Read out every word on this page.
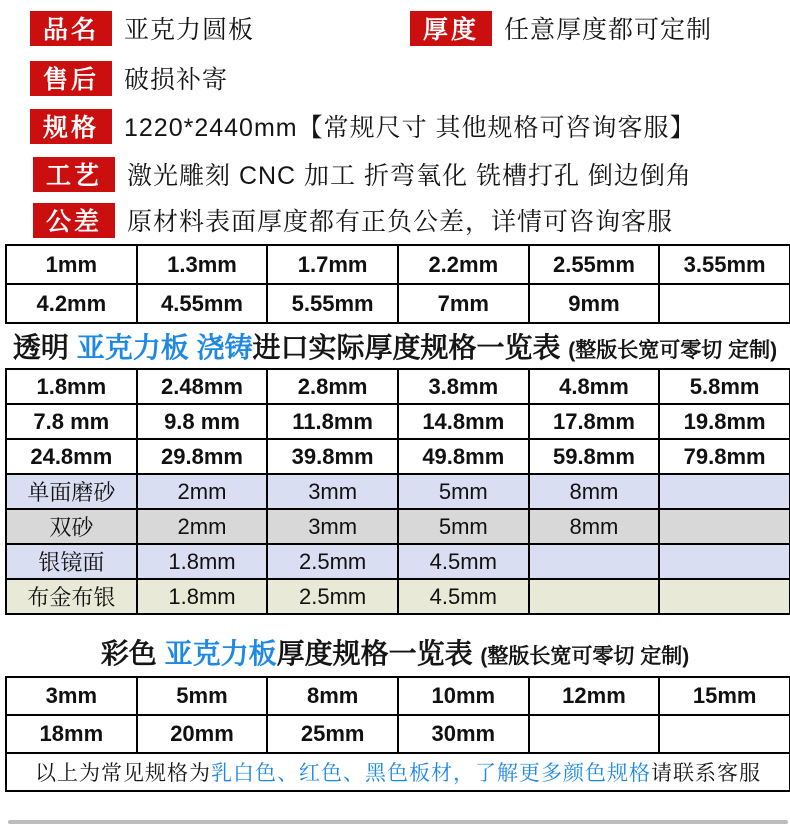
品名	亚克力圆板	厚度	任意厚度都可定制
售后	破损补寄
规格	1220*2440mm【常规尺寸 其他规格可咨询客服】
工艺	激光雕刻 CNC 加工 折弯氧化 铣槽打孔 倒边倒角
公差	原材料表面厚度都有正负公差，详情可咨询客服
1mm	1.3mm	1.7mm	2.2mm	2.55mm	3.55mm
4.2mm	4.55mm	5.55mm	7mm	9mm	
透明 亚克力板 浇铸进口实际厚度规格一览表 (整版长宽可零切 定制)
1.8mm	2.48mm	2.8mm	3.8mm	4.8mm	5.8mm
7.8 mm	9.8 mm	11.8mm	14.8mm	17.8mm	19.8mm
24.8mm	29.8mm	39.8mm	49.8mm	59.8mm	79.8mm
单面磨砂	2mm	3mm	5mm	8mm	
双砂	2mm	3mm	5mm	8mm	
银镜面	1.8mm	2.5mm	4.5mm		
布金布银	1.8mm	2.5mm	4.5mm		
彩色 亚克力板厚度规格一览表 (整版长宽可零切 定制)
3mm	5mm	8mm	10mm	12mm	15mm
18mm	20mm	25mm	30mm		
以上为常见规格为乳白色、红色、黑色板材，了解更多颜色规格请联系客服					
